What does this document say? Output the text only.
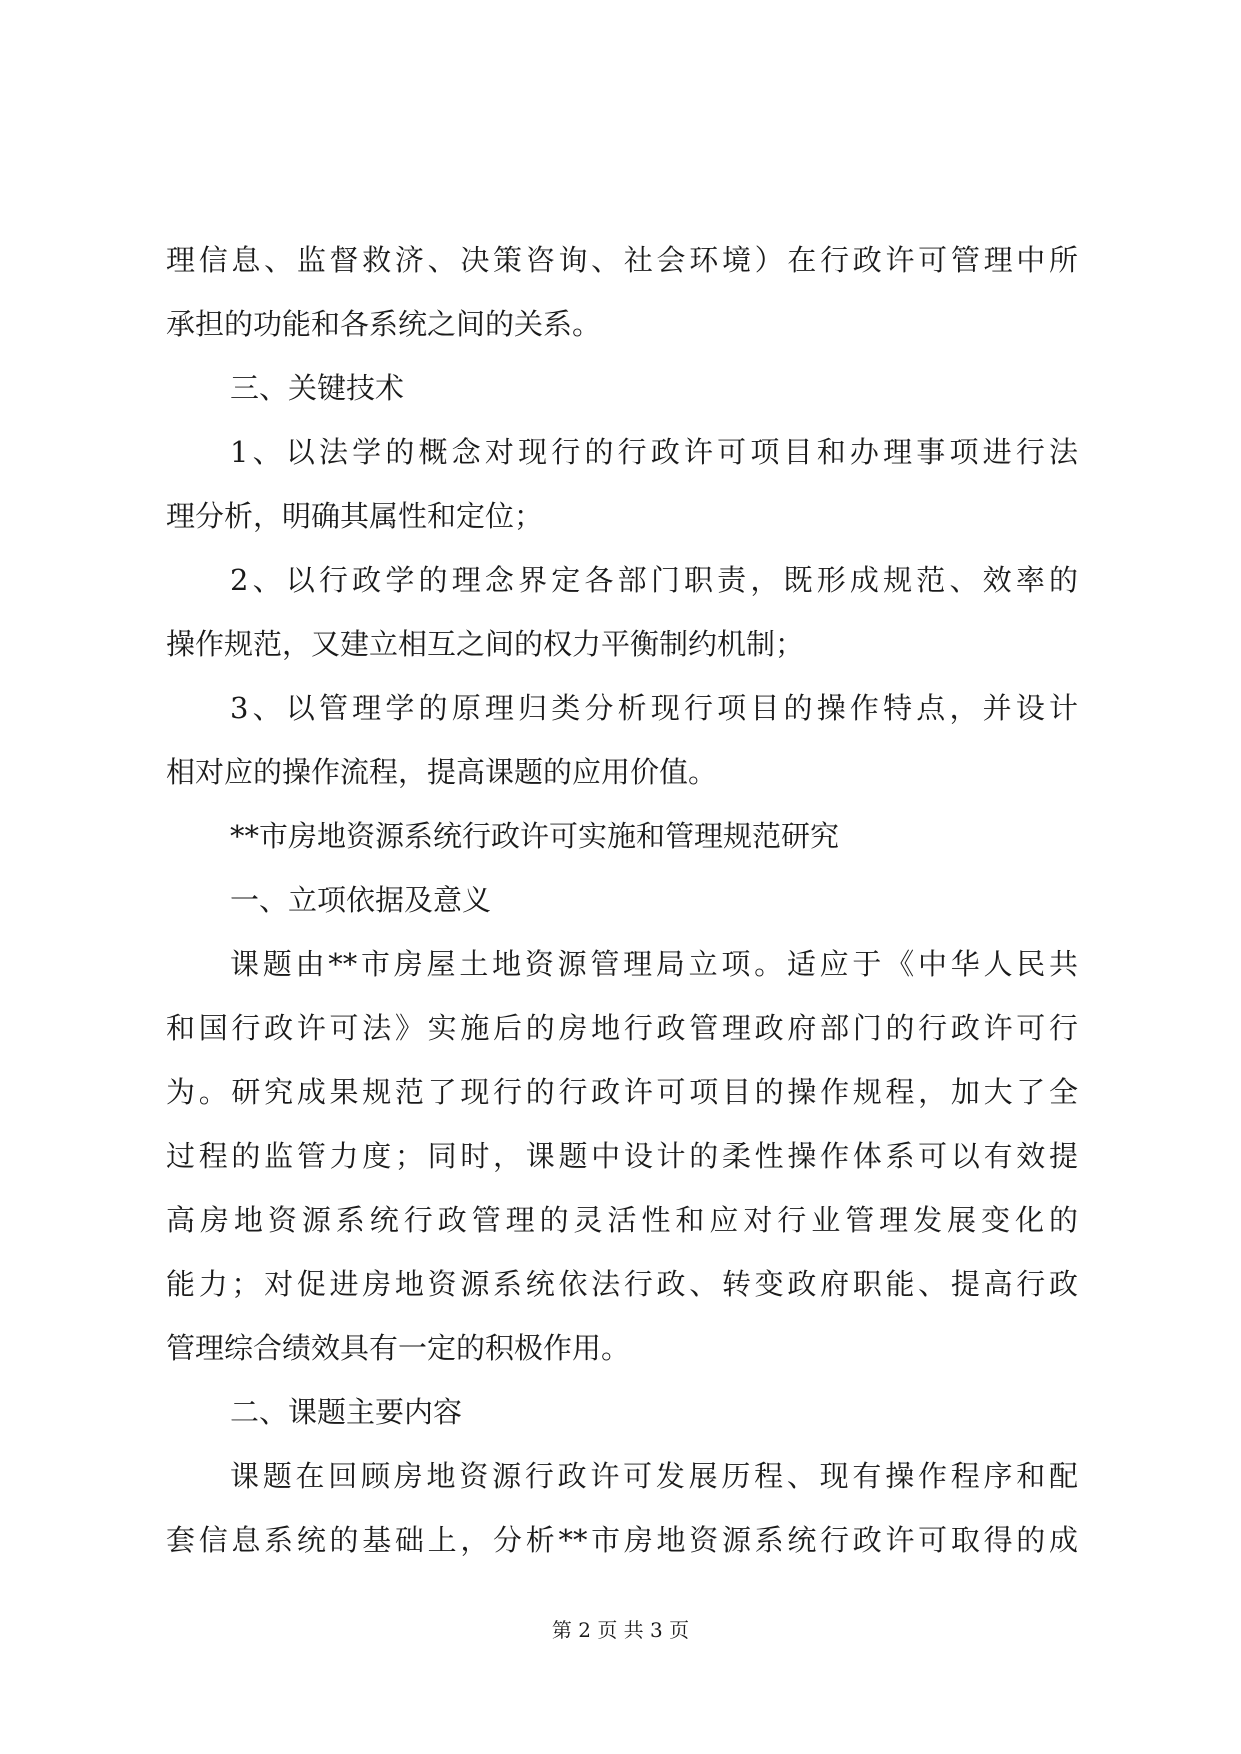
理信息、监督救济、决策咨询、社会环境）在行政许可管理中所
承担的功能和各系统之间的关系。
三、关键技术
1、以法学的概念对现行的行政许可项目和办理事项进行法
理分析，明确其属性和定位；
2、以行政学的理念界定各部门职责，既形成规范、效率的
操作规范，又建立相互之间的权力平衡制约机制；
3、以管理学的原理归类分析现行项目的操作特点，并设计
相对应的操作流程，提高课题的应用价值。
**市房地资源系统行政许可实施和管理规范研究
一、立项依据及意义
课题由**市房屋土地资源管理局立项。适应于《中华人民共
和国行政许可法》实施后的房地行政管理政府部门的行政许可行
为。研究成果规范了现行的行政许可项目的操作规程，加大了全
过程的监管力度；同时，课题中设计的柔性操作体系可以有效提
高房地资源系统行政管理的灵活性和应对行业管理发展变化的
能力；对促进房地资源系统依法行政、转变政府职能、提高行政
管理综合绩效具有一定的积极作用。
二、课题主要内容
课题在回顾房地资源行政许可发展历程、现有操作程序和配
套信息系统的基础上，分析**市房地资源系统行政许可取得的成
第 2 页 共 3 页
